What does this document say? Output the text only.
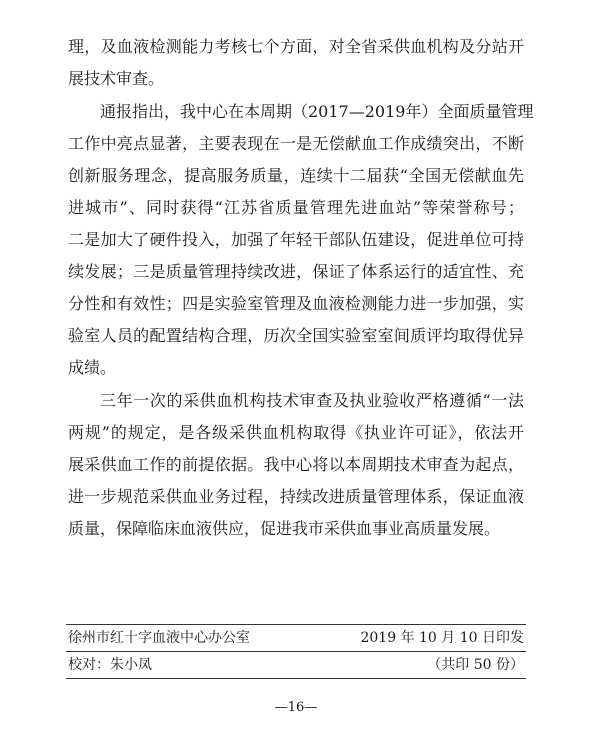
理，及血液检测能力考核七个方面，对全省采供血机构及分站开
展技术审查。
通报指出，我中心在本周期（2017—2019年）全面质量管理
工作中亮点显著，主要表现在一是无偿献血工作成绩突出，不断
创新服务理念，提高服务质量，连续十二届获“全国无偿献血先
进城市”、同时获得“江苏省质量管理先进血站”等荣誉称号；
二是加大了硬件投入，加强了年轻干部队伍建设，促进单位可持
续发展；三是质量管理持续改进，保证了体系运行的适宜性、充
分性和有效性；四是实验室管理及血液检测能力进一步加强，实
验室人员的配置结构合理，历次全国实验室室间质评均取得优异
成绩。
三年一次的采供血机构技术审查及执业验收严格遵循“一法
两规”的规定，是各级采供血机构取得《执业许可证》，依法开
展采供血工作的前提依据。我中心将以本周期技术审查为起点，
进一步规范采供血业务过程，持续改进质量管理体系，保证血液
质量，保障临床血液供应，促进我市采供血事业高质量发展。
徐州市红十字血液中心办公室	2019 年 10 月 10 日印发
校对：朱小凤	（共印 50 份）
—16—
